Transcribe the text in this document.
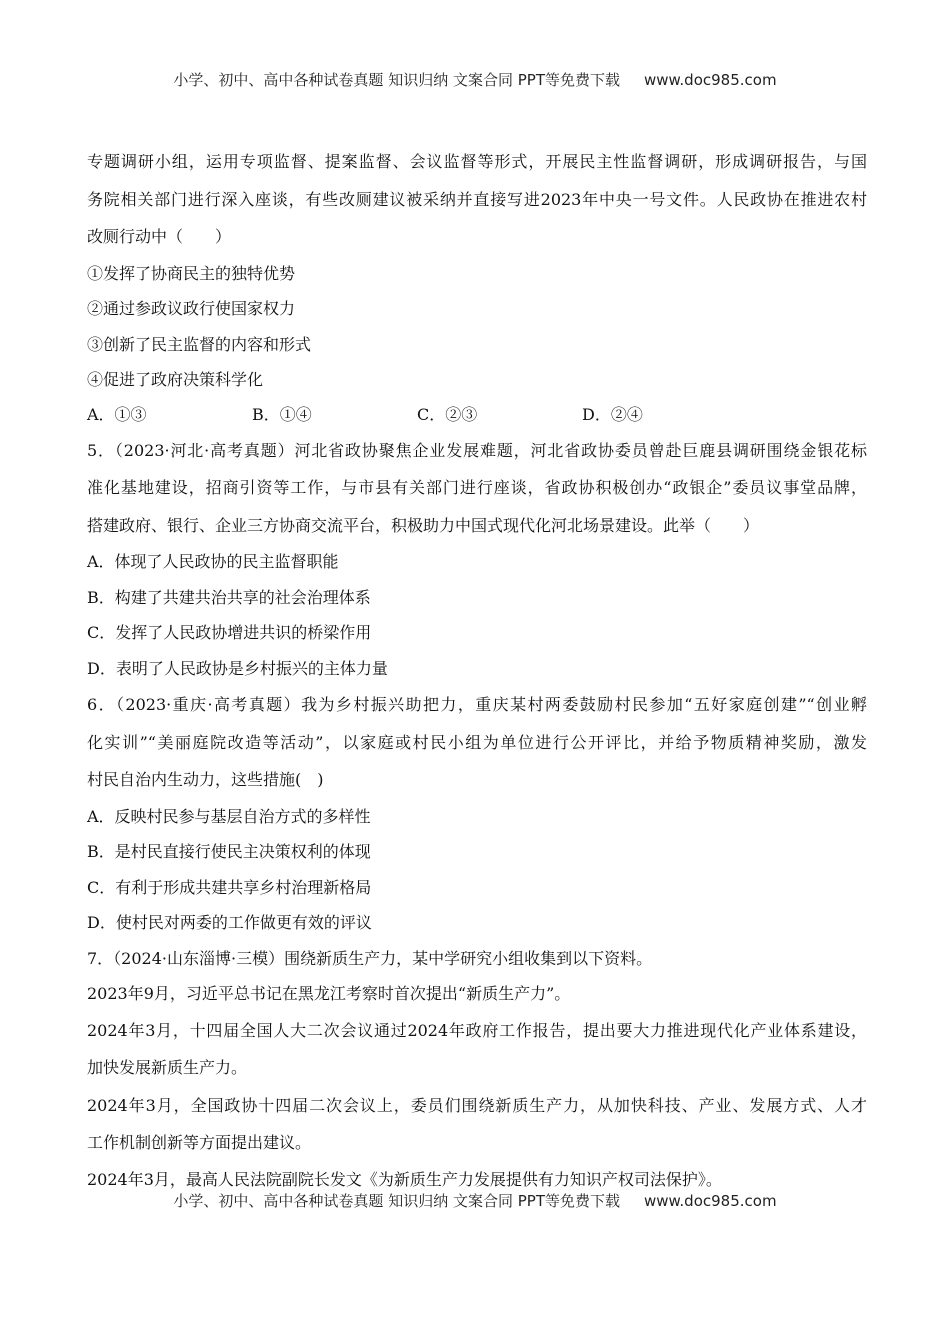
小学、初中、高中各种试卷真题 知识归纳 文案合同 PPT等免费下载 www.doc985.com
专题调研小组，运用专项监督、提案监督、会议监督等形式，开展民主性监督调研，形成调研报告，与国
务院相关部门进行深入座谈，有些改厕建议被采纳并直接写进2023年中央一号文件。人民政协在推进农村
改厕行动中（　　）
①发挥了协商民主的独特优势
②通过参政议政行使国家权力
③创新了民主监督的内容和形式
④促进了政府决策科学化
A．①③	B．①④	C．②③	D．②④
5．（2023·河北·高考真题）河北省政协聚焦企业发展难题，河北省政协委员曾赴巨鹿县调研围绕金银花标
准化基地建设，招商引资等工作，与市县有关部门进行座谈，省政协积极创办“政银企”委员议事堂品牌，
搭建政府、银行、企业三方协商交流平台，积极助力中国式现代化河北场景建设。此举（　　）
A．体现了人民政协的民主监督职能
B．构建了共建共治共享的社会治理体系
C．发挥了人民政协增进共识的桥梁作用
D．表明了人民政协是乡村振兴的主体力量
6．（2023·重庆·高考真题）我为乡村振兴助把力，重庆某村两委鼓励村民参加“五好家庭创建”“创业孵
化实训”“美丽庭院改造等活动”，以家庭或村民小组为单位进行公开评比，并给予物质精神奖励，激发
村民自治内生动力，这些措施(　)
A．反映村民参与基层自治方式的多样性
B．是村民直接行使民主决策权利的体现
C．有利于形成共建共享乡村治理新格局
D．使村民对两委的工作做更有效的评议
7．（2024·山东淄博·三模）围绕新质生产力，某中学研究小组收集到以下资料。
2023年9月，习近平总书记在黑龙江考察时首次提出“新质生产力”。
2024年3月，十四届全国人大二次会议通过2024年政府工作报告，提出要大力推进现代化产业体系建设，
加快发展新质生产力。
2024年3月，全国政协十四届二次会议上，委员们围绕新质生产力，从加快科技、产业、发展方式、人才
工作机制创新等方面提出建议。
2024年3月，最高人民法院副院长发文《为新质生产力发展提供有力知识产权司法保护》。
小学、初中、高中各种试卷真题 知识归纳 文案合同 PPT等免费下载 www.doc985.com
